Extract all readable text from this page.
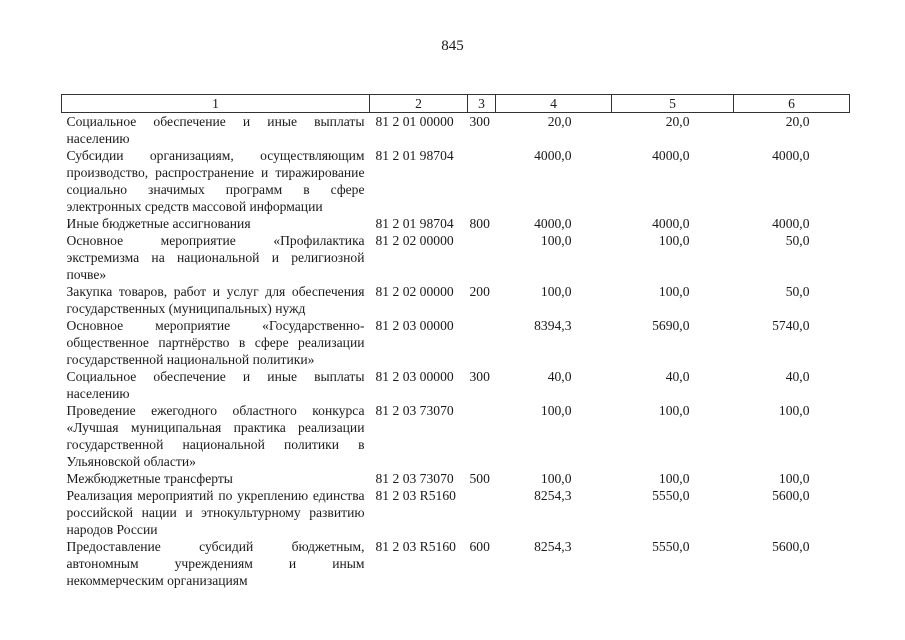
845
1	2	3	4	5	6
Социальное обеспечение и иные выплаты населению	81 2 01 00000	300	20,0	20,0	20,0
Субсидии организациям, осуществляющим производство, распространение и тиражирование социально значимых программ в сфере электронных средств массовой информации	81 2 01 98704		4000,0	4000,0	4000,0
Иные бюджетные ассигнования	81 2 01 98704	800	4000,0	4000,0	4000,0
Основное мероприятие «Профилактика экстремизма на национальной и религиозной почве»	81 2 02 00000		100,0	100,0	50,0
Закупка товаров, работ и услуг для обеспечения государственных (муниципальных) нужд	81 2 02 00000	200	100,0	100,0	50,0
Основное мероприятие «Государственно-общественное партнёрство в сфере реализации государственной национальной политики»	81 2 03 00000		8394,3	5690,0	5740,0
Социальное обеспечение и иные выплаты населению	81 2 03 00000	300	40,0	40,0	40,0
Проведение ежегодного областного конкурса «Лучшая муниципальная практика реализации государственной национальной политики в Ульяновской области»	81 2 03 73070		100,0	100,0	100,0
Межбюджетные трансферты	81 2 03 73070	500	100,0	100,0	100,0
Реализация мероприятий по укреплению единства российской нации и этнокультурному развитию народов России	81 2 03 R5160		8254,3	5550,0	5600,0
Предоставление субсидий бюджетным, автономным учреждениям и иным некоммерческим организациям	81 2 03 R5160	600	8254,3	5550,0	5600,0
